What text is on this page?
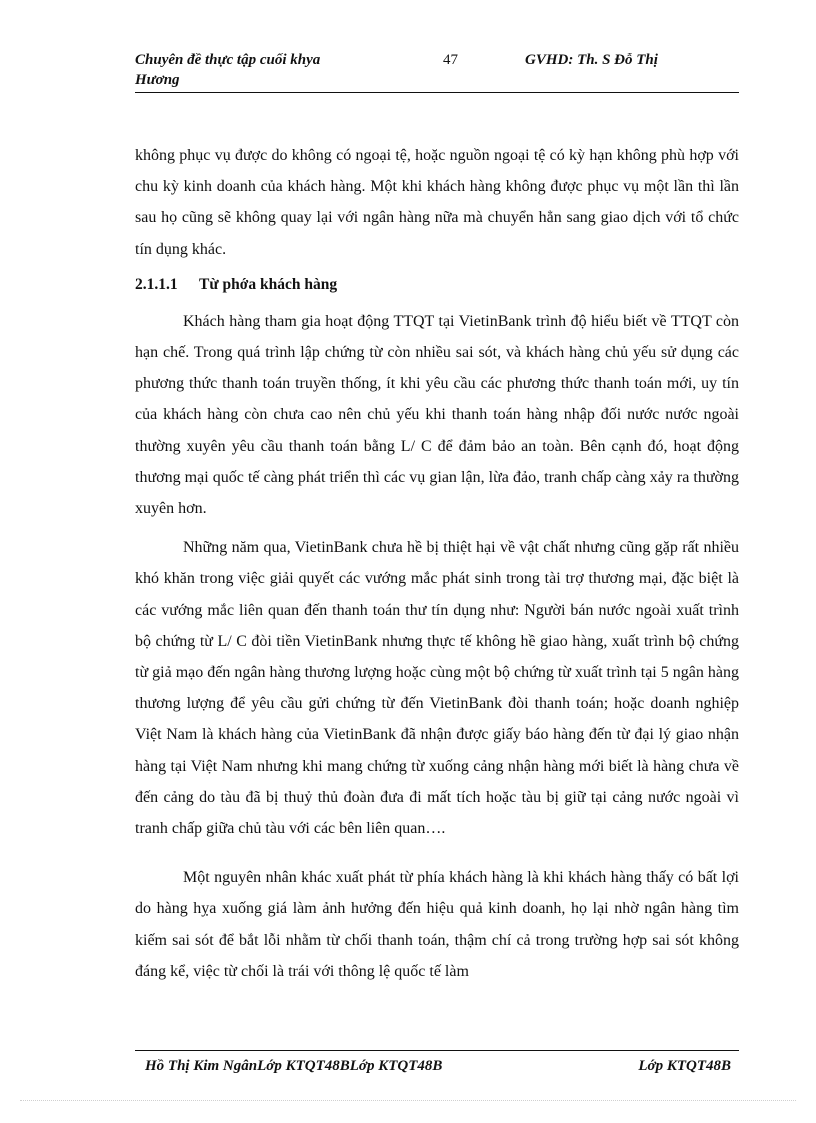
Chuyên đề thực tập cuối khya
Hương
47	GVHD: Th. S Đỗ Thị

không phục vụ được do không có ngoại tệ, hoặc nguồn ngoại tệ có kỳ hạn không phù hợp với chu kỳ kinh doanh của khách hàng. Một khi khách hàng không được phục vụ một lần thì lần sau họ cũng sẽ không quay lại với ngân hàng nữa mà chuyển hẳn sang giao dịch với tổ chức tín dụng khác.

2.1.1.1 Từ phớa khách hàng

Khách hàng tham gia hoạt động TTQT tại VietinBank trình độ hiểu biết về TTQT còn hạn chế. Trong quá trình lập chứng từ còn nhiều sai sót, và khách hàng chủ yếu sử dụng các phương thức thanh toán truyền thống, ít khi yêu cầu các phương thức thanh toán mới, uy tín của khách hàng còn chưa cao nên chủ yếu khi thanh toán hàng nhập đối nước nước ngoài thường xuyên yêu cầu thanh toán bằng L/ C để đảm bảo an toàn. Bên cạnh đó, hoạt động thương mại quốc tế càng phát triển thì các vụ gian lận, lừa đảo, tranh chấp càng xảy ra thường xuyên hơn.

Những năm qua, VietinBank chưa hề bị thiệt hại về vật chất nhưng cũng gặp rất nhiều khó khăn trong việc giải quyết các vướng mắc phát sinh trong tài trợ thương mại, đặc biệt là các vướng mắc liên quan đến thanh toán thư tín dụng như: Người bán nước ngoài xuất trình bộ chứng từ L/ C đòi tiền VietinBank nhưng thực tế không hề giao hàng, xuất trình bộ chứng từ giả mạo đến ngân hàng thương lượng hoặc cùng một bộ chứng từ xuất trình tại 5 ngân hàng thương lượng để yêu cầu gửi chứng từ đến VietinBank đòi thanh toán; hoặc doanh nghiệp Việt Nam là khách hàng của VietinBank đã nhận được giấy báo hàng đến từ đại lý giao nhận hàng tại Việt Nam nhưng khi mang chứng từ xuống cảng nhận hàng mới biết là hàng chưa về đến cảng do tàu đã bị thuỷ thủ đoàn đưa đi mất tích hoặc tàu bị giữ tại cảng nước ngoài vì tranh chấp giữa chủ tàu với các bên liên quan….

Một nguyên nhân khác xuất phát từ phía khách hàng là khi khách hàng thấy có bất lợi do hàng hỵa xuống giá làm ảnh hưởng đến hiệu quả kinh doanh, họ lại nhờ ngân hàng tìm kiếm sai sót để bắt lỗi nhằm từ chối thanh toán, thậm chí cả trong trường hợp sai sót không đáng kể, việc từ chối là trái với thông lệ quốc tế làm

Hồ Thị Kim NgânLớp KTQT48BLớp KTQT48B	Lớp KTQT48B
